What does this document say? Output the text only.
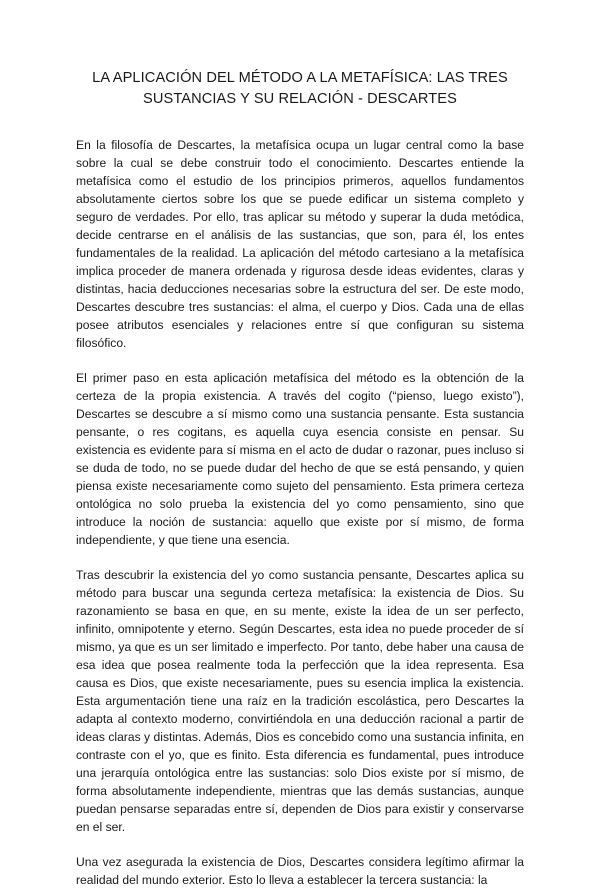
LA APLICACIÓN DEL MÉTODO A LA METAFÍSICA: LAS TRES SUSTANCIAS Y SU RELACIÓN - DESCARTES

En la filosofía de Descartes, la metafísica ocupa un lugar central como la base sobre la cual se debe construir todo el conocimiento. Descartes entiende la metafísica como el estudio de los principios primeros, aquellos fundamentos absolutamente ciertos sobre los que se puede edificar un sistema completo y seguro de verdades. Por ello, tras aplicar su método y superar la duda metódica, decide centrarse en el análisis de las sustancias, que son, para él, los entes fundamentales de la realidad. La aplicación del método cartesiano a la metafísica implica proceder de manera ordenada y rigurosa desde ideas evidentes, claras y distintas, hacia deducciones necesarias sobre la estructura del ser. De este modo, Descartes descubre tres sustancias: el alma, el cuerpo y Dios. Cada una de ellas posee atributos esenciales y relaciones entre sí que configuran su sistema filosófico.

El primer paso en esta aplicación metafísica del método es la obtención de la certeza de la propia existencia. A través del cogito (“pienso, luego existo”), Descartes se descubre a sí mismo como una sustancia pensante. Esta sustancia pensante, o res cogitans, es aquella cuya esencia consiste en pensar. Su existencia es evidente para sí misma en el acto de dudar o razonar, pues incluso si se duda de todo, no se puede dudar del hecho de que se está pensando, y quien piensa existe necesariamente como sujeto del pensamiento. Esta primera certeza ontológica no solo prueba la existencia del yo como pensamiento, sino que introduce la noción de sustancia: aquello que existe por sí mismo, de forma independiente, y que tiene una esencia.

Tras descubrir la existencia del yo como sustancia pensante, Descartes aplica su método para buscar una segunda certeza metafísica: la existencia de Dios. Su razonamiento se basa en que, en su mente, existe la idea de un ser perfecto, infinito, omnipotente y eterno. Según Descartes, esta idea no puede proceder de sí mismo, ya que es un ser limitado e imperfecto. Por tanto, debe haber una causa de esa idea que posea realmente toda la perfección que la idea representa. Esa causa es Dios, que existe necesariamente, pues su esencia implica la existencia. Esta argumentación tiene una raíz en la tradición escolástica, pero Descartes la adapta al contexto moderno, convirtiéndola en una deducción racional a partir de ideas claras y distintas. Además, Dios es concebido como una sustancia infinita, en contraste con el yo, que es finito. Esta diferencia es fundamental, pues introduce una jerarquía ontológica entre las sustancias: solo Dios existe por sí mismo, de forma absolutamente independiente, mientras que las demás sustancias, aunque puedan pensarse separadas entre sí, dependen de Dios para existir y conservarse en el ser.

Una vez asegurada la existencia de Dios, Descartes considera legítimo afirmar la realidad del mundo exterior. Esto lo lleva a establecer la tercera sustancia: la
